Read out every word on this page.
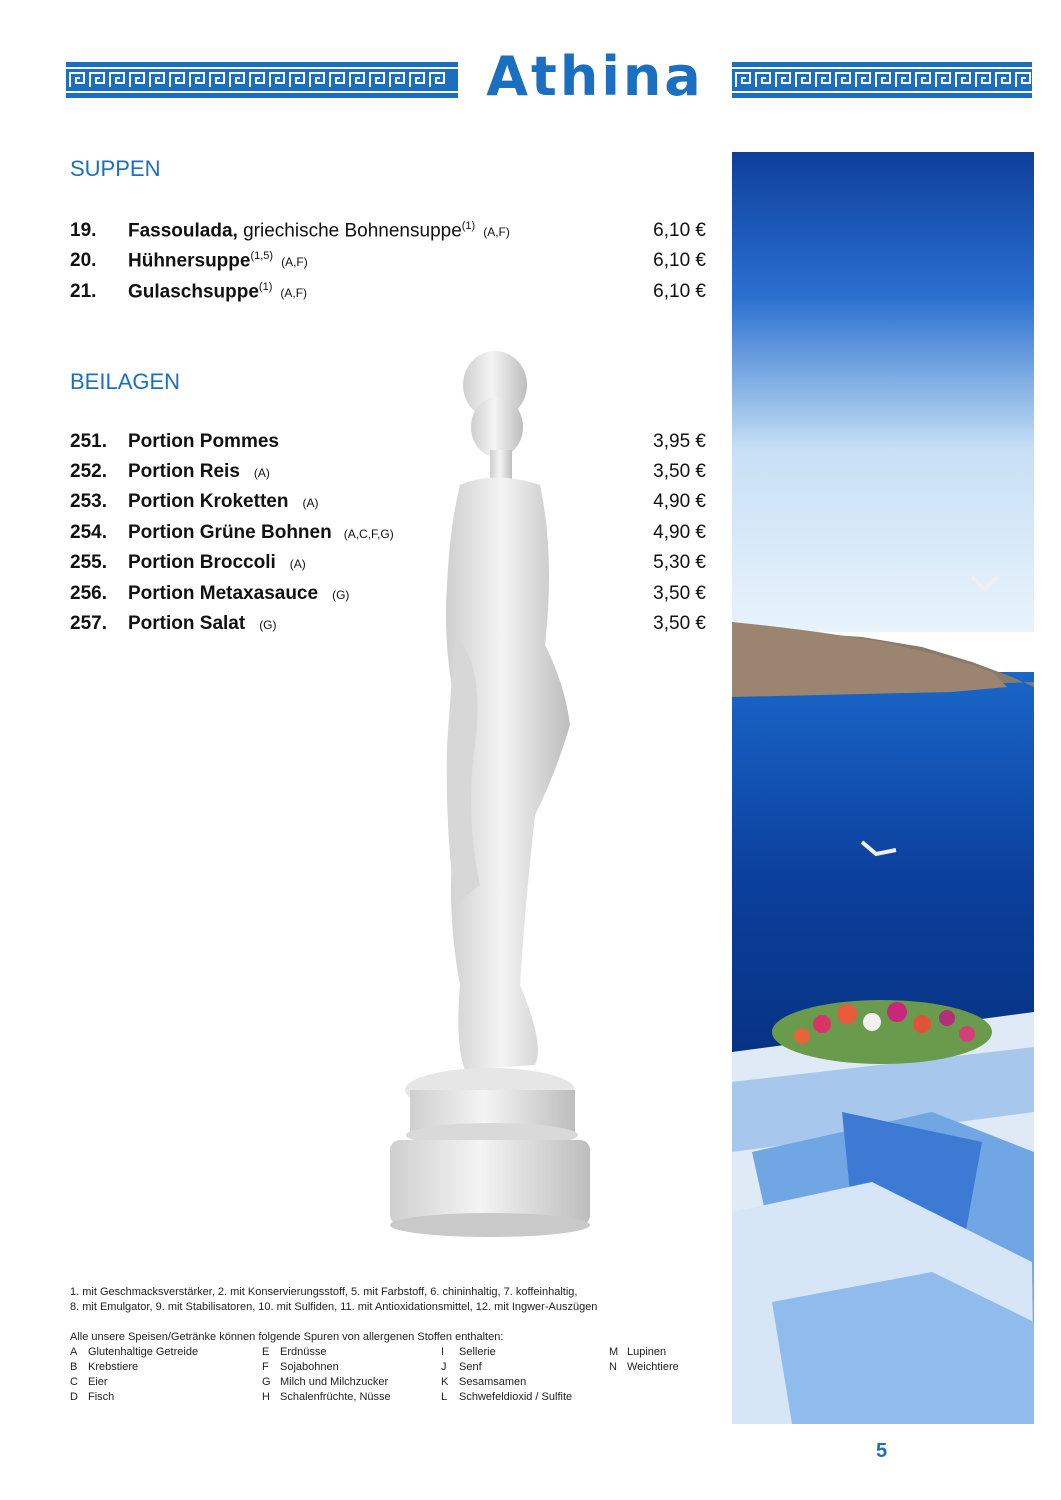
Athina
SUPPEN
19. Fassoulada, griechische Bohnensuppe$^{(1)}$ (A,F)	6,10 €
20. Hühnersuppe$^{(1,5)}$ (A,F)	6,10 €
21. Gulaschsuppe$^{(1)}$ (A,F)	6,10 €
BEILAGEN
251. Portion Pommes	3,95 €
252. Portion Reis (A)	3,50 €
253. Portion Kroketten (A)	4,90 €
254. Portion Grüne Bohnen (A,C,F,G)	4,90 €
255. Portion Broccoli (A)	5,30 €
256. Portion Metaxasauce (G)	3,50 €
257. Portion Salat (G)	3,50 €
1. mit Geschmacksverstärker, 2. mit Konservierungsstoff, 5. mit Farbstoff, 6. chininhaltig, 7. koffeinhaltig,
8. mit Emulgator, 9. mit Stabilisatoren, 10. mit Sulfiden, 11. mit Antioxidationsmittel, 12. mit Ingwer-Auszügen
Alle unsere Speisen/Getränke können folgende Spuren von allergenen Stoffen enthalten:
A Glutenhaltige Getreide
B Krebstiere
C Eier
D Fisch
E Erdnüsse
F Sojabohnen
G Milch und Milchzucker
H Schalenfrüchte, Nüsse
I Sellerie
J Senf
K Sesamsamen
L Schwefeldioxid / Sulfite
M Lupinen
N Weichtiere
5
